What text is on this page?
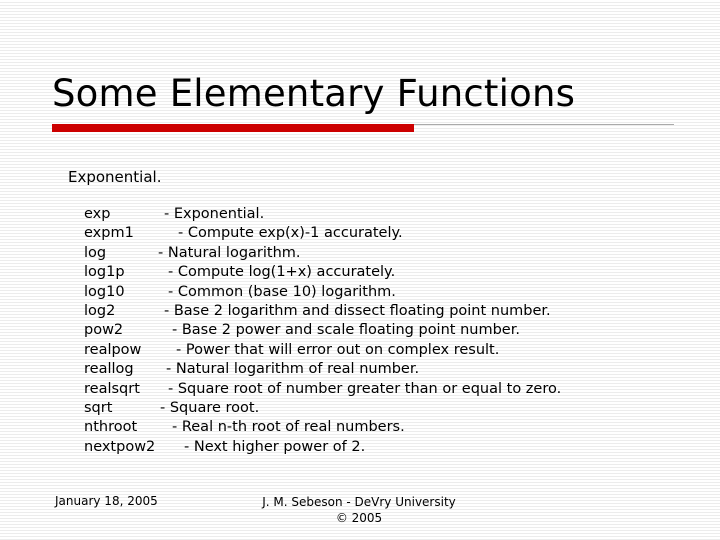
Some Elementary Functions
Exponential.
exp	- Exponential.
expm1	- Compute exp(x)-1 accurately.
log	- Natural logarithm.
log1p	- Compute log(1+x) accurately.
log10	- Common (base 10) logarithm.
log2	- Base 2 logarithm and dissect floating point number.
pow2	- Base 2 power and scale floating point number.
realpow - Power that will error out on complex result.
reallog - Natural logarithm of real number.
realsqrt - Square root of number greater than or equal to zero.
sqrt	- Square root.
nthroot - Real n-th root of real numbers.
nextpow2 - Next higher power of 2.
January 18, 2005	J. M. Sebeson - DeVry University
© 2005
